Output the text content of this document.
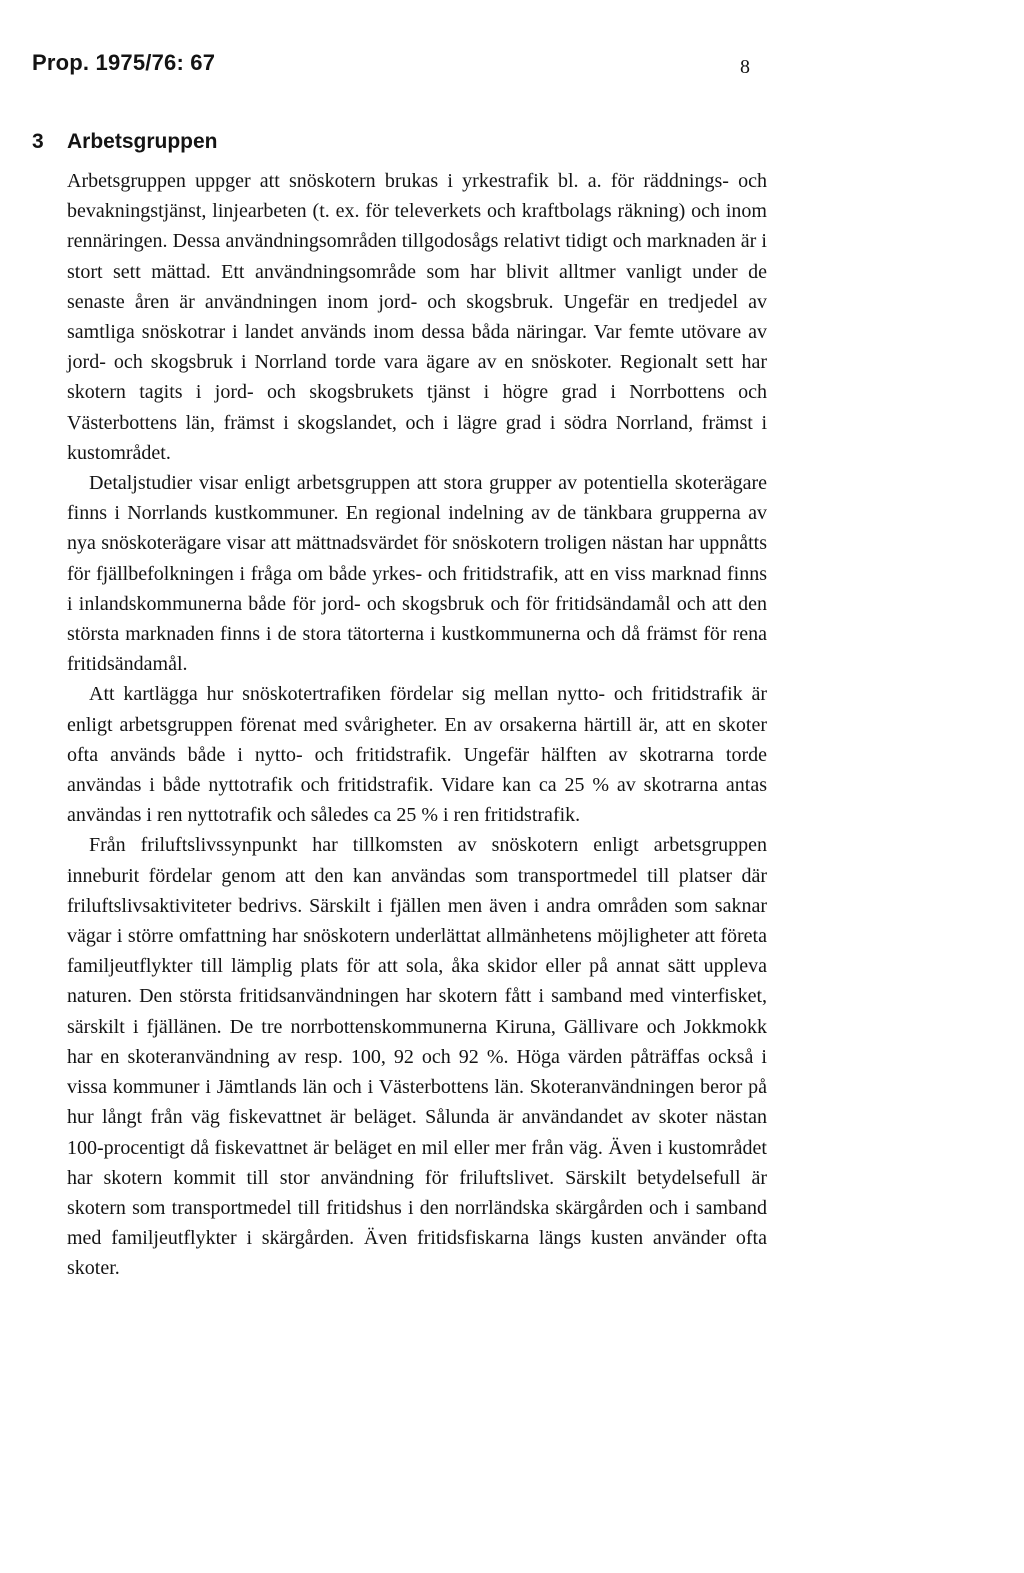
Prop. 1975/76: 67	8
3 Arbetsgruppen

Arbetsgruppen uppger att snöskotern brukas i yrkestrafik bl. a. för räddnings- och bevakningstjänst, linjearbeten (t. ex. för televerkets och kraftbolags räkning) och inom rennäringen. Dessa användningsområden tillgodosågs relativt tidigt och marknaden är i stort sett mättad. Ett användningsområde som har blivit alltmer vanligt under de senaste åren är användningen inom jord- och skogsbruk. Ungefär en tredjedel av samtliga snöskotrar i landet används inom dessa båda näringar. Var femte utövare av jord- och skogsbruk i Norrland torde vara ägare av en snöskoter. Regionalt sett har skotern tagits i jord- och skogsbrukets tjänst i högre grad i Norrbottens och Västerbottens län, främst i skogslandet, och i lägre grad i södra Norrland, främst i kustområdet.

Detaljstudier visar enligt arbetsgruppen att stora grupper av potentiella skoterägare finns i Norrlands kustkommuner. En regional indelning av de tänkbara grupperna av nya snöskoterägare visar att mättnadsvärdet för snöskotern troligen nästan har uppnåtts för fjällbefolkningen i fråga om både yrkes- och fritidstrafik, att en viss marknad finns i inlandskommunerna både för jord- och skogsbruk och för fritidsändamål och att den största marknaden finns i de stora tätorterna i kustkommunerna och då främst för rena fritidsändamål.

Att kartlägga hur snöskotertrafiken fördelar sig mellan nytto- och fritidstrafik är enligt arbetsgruppen förenat med svårigheter. En av orsakerna härtill är, att en skoter ofta används både i nytto- och fritidstrafik. Ungefär hälften av skotrarna torde användas i både nyttotrafik och fritidstrafik. Vidare kan ca 25 % av skotrarna antas användas i ren nyttotrafik och således ca 25 % i ren fritidstrafik.

Från friluftslivssynpunkt har tillkomsten av snöskotern enligt arbetsgruppen inneburit fördelar genom att den kan användas som transportmedel till platser där friluftslivsaktiviteter bedrivs. Särskilt i fjällen men även i andra områden som saknar vägar i större omfattning har snöskotern underlättat allmänhetens möjligheter att företa familjeutflykter till lämplig plats för att sola, åka skidor eller på annat sätt uppleva naturen. Den största fritidsanvändningen har skotern fått i samband med vinterfisket, särskilt i fjällänen. De tre norrbottenskommunerna Kiruna, Gällivare och Jokkmokk har en skoteranvändning av resp. 100, 92 och 92 %. Höga värden påträffas också i vissa kommuner i Jämtlands län och i Västerbottens län. Skoteranvändningen beror på hur långt från väg fiskevattnet är beläget. Sålunda är användandet av skoter nästan 100-procentigt då fiskevattnet är beläget en mil eller mer från väg. Även i kustområdet har skotern kommit till stor användning för friluftslivet. Särskilt betydelsefull är skotern som transportmedel till fritidshus i den norrländska skärgården och i samband med familjeutflykter i skärgården. Även fritidsfiskarna längs kusten använder ofta skoter.
